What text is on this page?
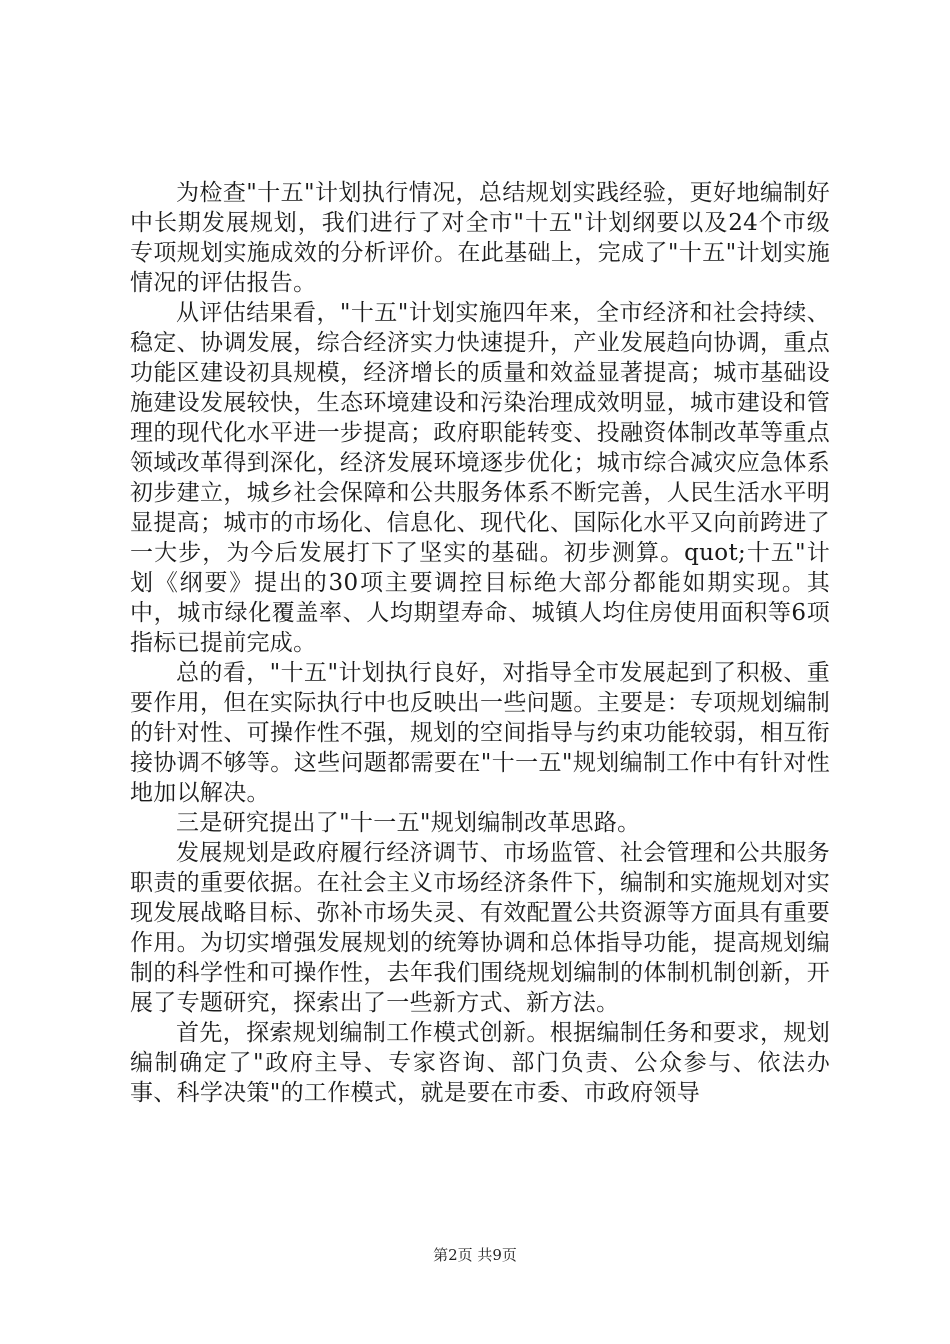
为检查"十五"计划执行情况，总结规划实践经验，更好地编制好中长期发展规划，我们进行了对全市"十五"计划纲要以及24个市级专项规划实施成效的分析评价。在此基础上，完成了"十五"计划实施情况的评估报告。

从评估结果看，"十五"计划实施四年来，全市经济和社会持续、稳定、协调发展，综合经济实力快速提升，产业发展趋向协调，重点功能区建设初具规模，经济增长的质量和效益显著提高；城市基础设施建设发展较快，生态环境建设和污染治理成效明显，城市建设和管理的现代化水平进一步提高；政府职能转变、投融资体制改革等重点领域改革得到深化，经济发展环境逐步优化；城市综合减灾应急体系初步建立，城乡社会保障和公共服务体系不断完善，人民生活水平明显提高；城市的市场化、信息化、现代化、国际化水平又向前跨进了一大步，为今后发展打下了坚实的基础。初步测算。quot;十五"计划《纲要》提出的30项主要调控目标绝大部分都能如期实现。其中，城市绿化覆盖率、人均期望寿命、城镇人均住房使用面积等6项指标已提前完成。

总的看，"十五"计划执行良好，对指导全市发展起到了积极、重要作用，但在实际执行中也反映出一些问题。主要是：专项规划编制的针对性、可操作性不强，规划的空间指导与约束功能较弱，相互衔接协调不够等。这些问题都需要在"十一五"规划编制工作中有针对性地加以解决。

三是研究提出了"十一五"规划编制改革思路。

发展规划是政府履行经济调节、市场监管、社会管理和公共服务职责的重要依据。在社会主义市场经济条件下，编制和实施规划对实现发展战略目标、弥补市场失灵、有效配置公共资源等方面具有重要作用。为切实增强发展规划的统筹协调和总体指导功能，提高规划编制的科学性和可操作性，去年我们围绕规划编制的体制机制创新，开展了专题研究，探索出了一些新方式、新方法。

首先，探索规划编制工作模式创新。根据编制任务和要求，规划编制确定了"政府主导、专家咨询、部门负责、公众参与、依法办事、科学决策"的工作模式，就是要在市委、市政府领导

第2页 共9页
